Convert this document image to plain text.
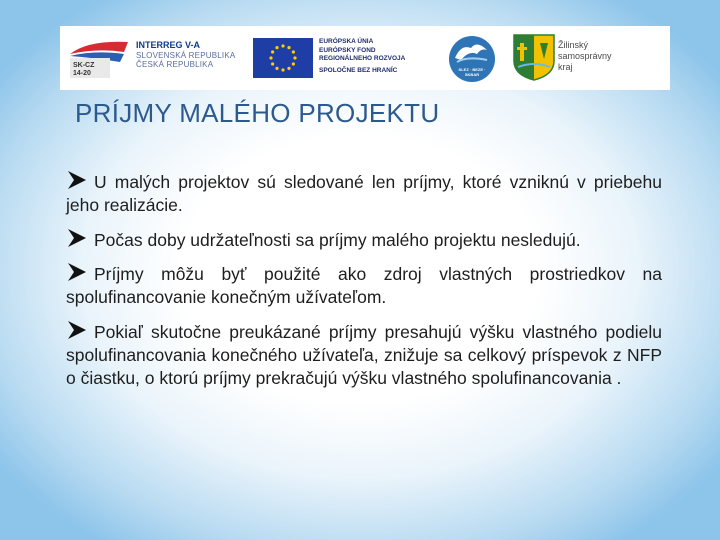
SK-CZ
14-20
INTERREG V-A
SLOVENSKÁ REPUBLIKA
ČESKÁ REPUBLIKA
EURÓPSKA ÚNIA
EURÓPSKY FOND
REGIONÁLNEHO ROZVOJA
SPOLOČNE BEZ HRANÍC	SLEZ · BEZE · SKBAR
Žilinský
samosprávny
kraj
PRÍJMY MALÉHO PROJEKTU
U malých projektov sú sledované len príjmy, ktoré vzniknú v priebehu jeho realizácie.
Počas doby udržateľnosti sa príjmy malého projektu nesledujú.
Príjmy môžu byť použité ako zdroj vlastných prostriedkov na spolufinancovanie konečným užívateľom.
Pokiaľ skutočne preukázané príjmy presahujú výšku vlastného podielu spolufinancovania konečného užívateľa, znižuje sa celkový príspevok z NFP o čiastku, o ktorú príjmy prekračujú výšku vlastného spolufinancovania .
